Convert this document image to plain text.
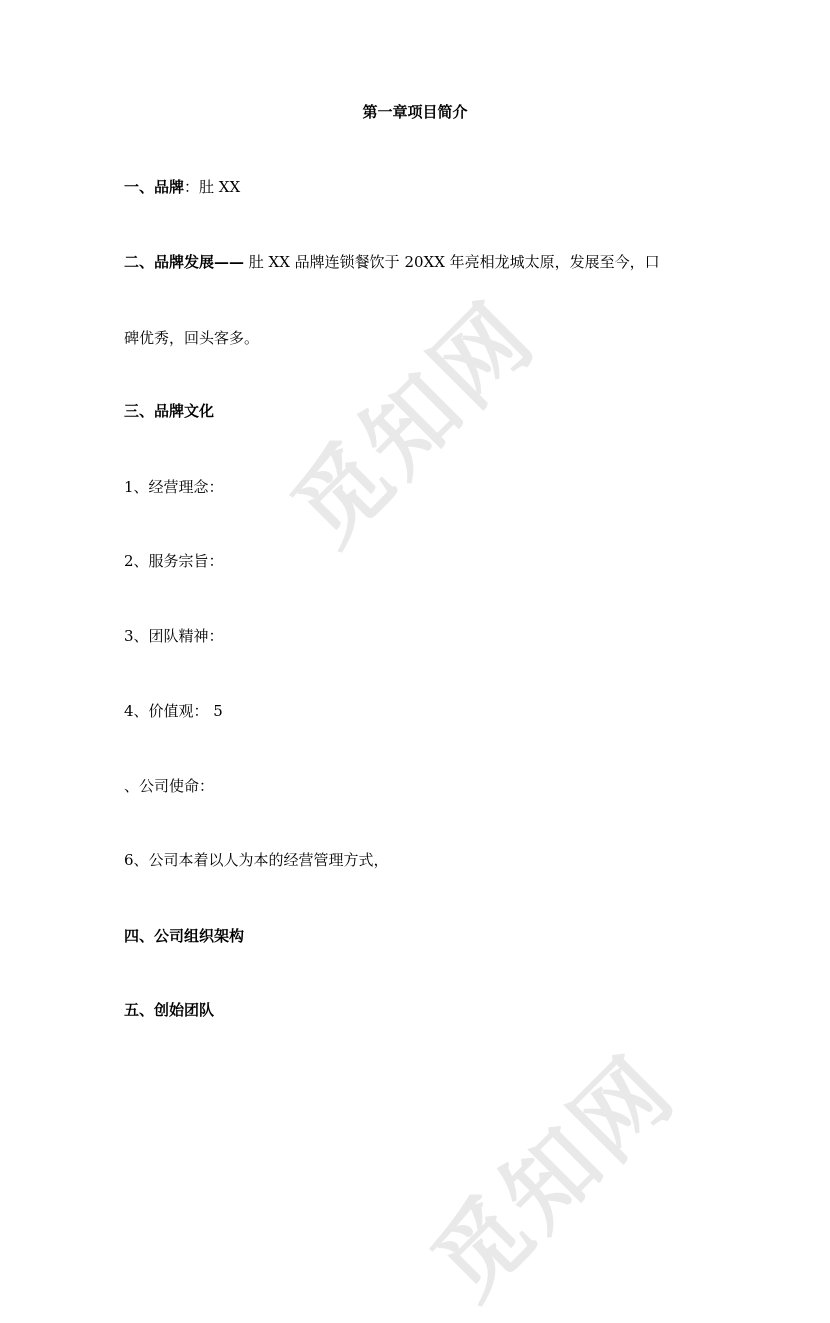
觅知网
觅知网
第一章项目简介
一、品牌：肚 XX
二、品牌发展—— 肚 XX 品牌连锁餐饮于 20XX 年亮相龙城太原，发展至今，口
碑优秀，回头客多。
三、品牌文化
1、经营理念：
2、服务宗旨：
3、团队精神：
4、价值观： 5
、公司使命：
6、公司本着以人为本的经营管理方式，
四、公司组织架构
五、创始团队
